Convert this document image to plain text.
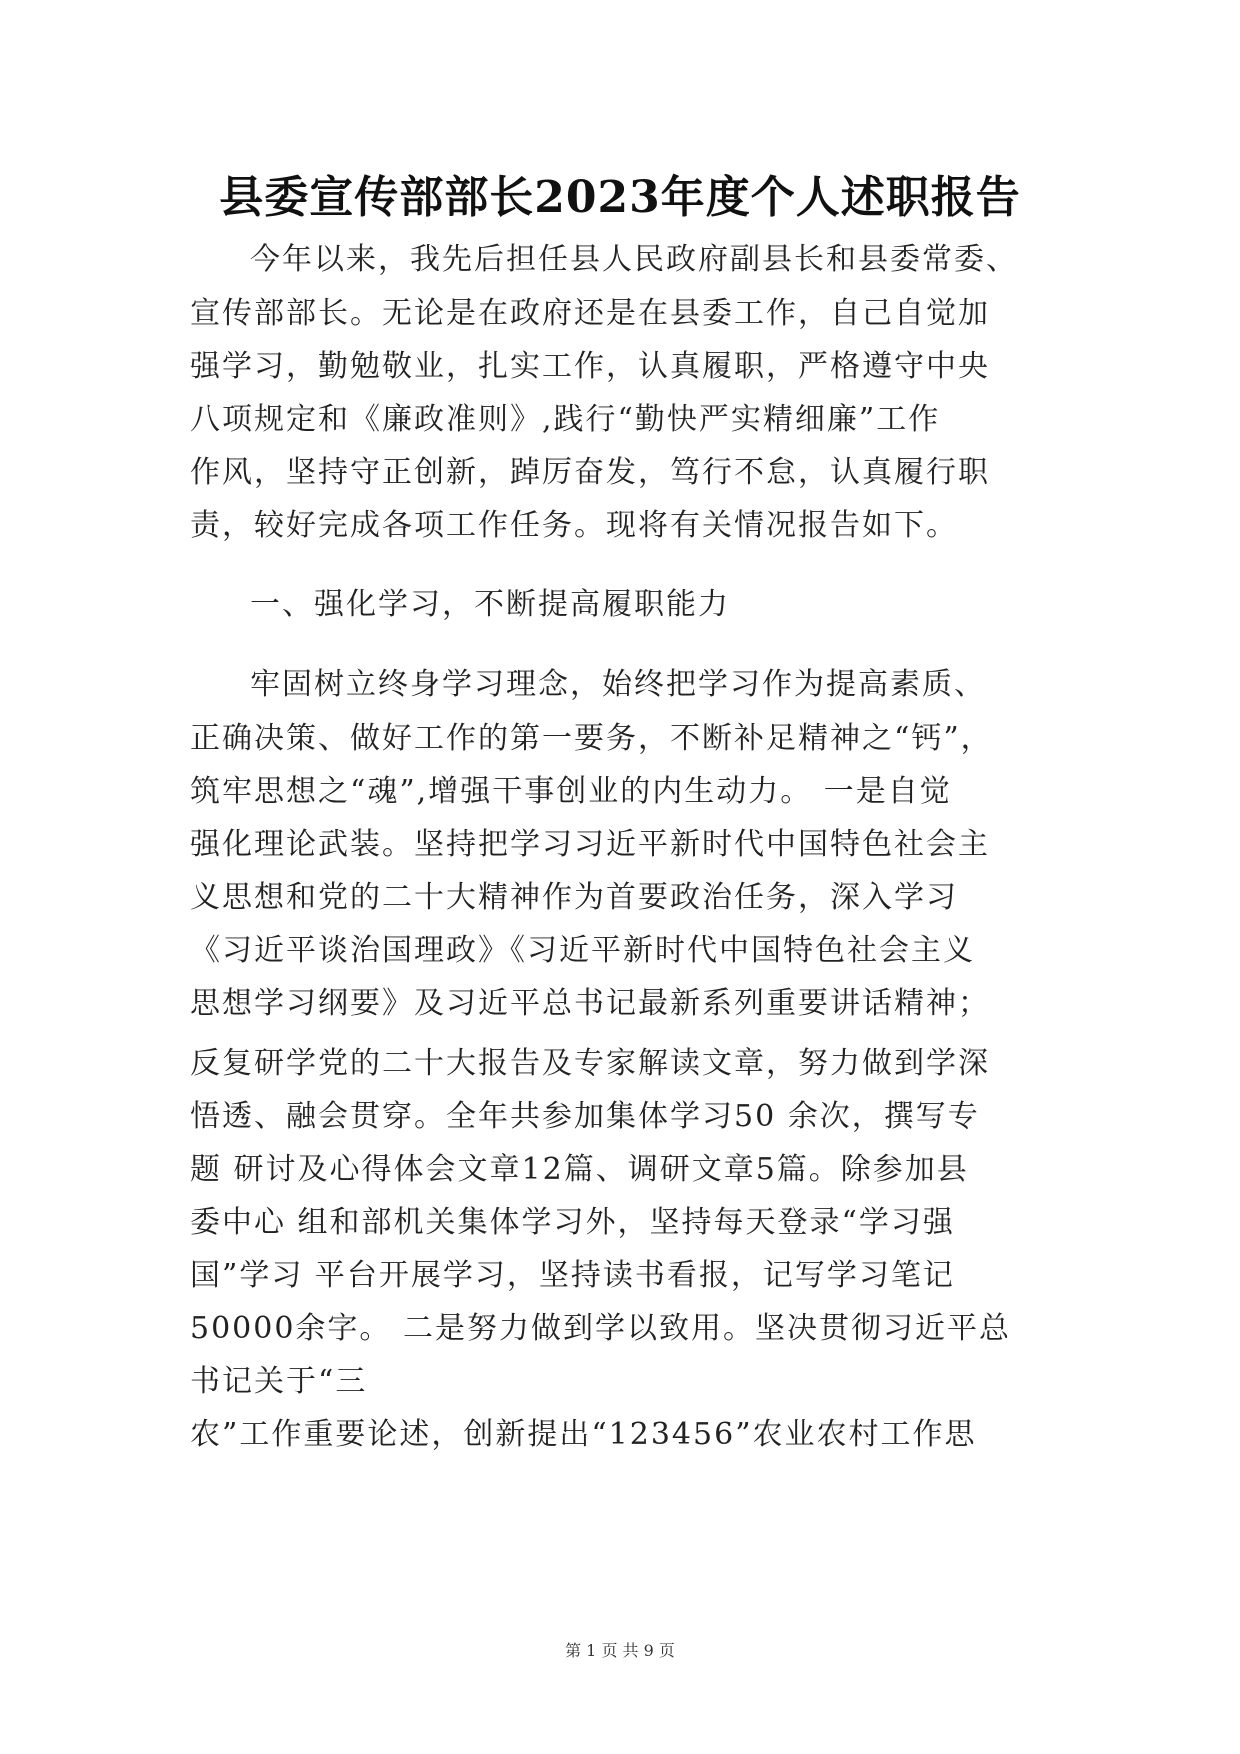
县委宣传部部长2023年度个人述职报告
今年以来，我先后担任县人民政府副县长和县委常委、
宣传部部长。无论是在政府还是在县委工作，自己自觉加
强学习，勤勉敬业，扎实工作，认真履职，严格遵守中央
八项规定和《廉政准则》,践行“勤快严实精细廉”工作
作风，坚持守正创新，踔厉奋发，笃行不怠，认真履行职
责，较好完成各项工作任务。现将有关情况报告如下。
一、强化学习，不断提高履职能力
牢固树立终身学习理念，始终把学习作为提高素质、
正确决策、做好工作的第一要务，不断补足精神之“钙”，
筑牢思想之“魂”,增强干事创业的内生动力。 一是自觉
强化理论武装。坚持把学习习近平新时代中国特色社会主
义思想和党的二十大精神作为首要政治任务，深入学习
《习近平谈治国理政》《习近平新时代中国特色社会主义
思想学习纲要》及习近平总书记最新系列重要讲话精神；
反复研学党的二十大报告及专家解读文章，努力做到学深
悟透、融会贯穿。全年共参加集体学习50 余次，撰写专
题 研讨及心得体会文章12篇、调研文章5篇。除参加县
委中心 组和部机关集体学习外，坚持每天登录“学习强
国”学习 平台开展学习，坚持读书看报，记写学习笔记
50000余字。 二是努力做到学以致用。坚决贯彻习近平总
书记关于“三
农”工作重要论述，创新提出“123456”农业农村工作思
第 1 页 共 9 页
